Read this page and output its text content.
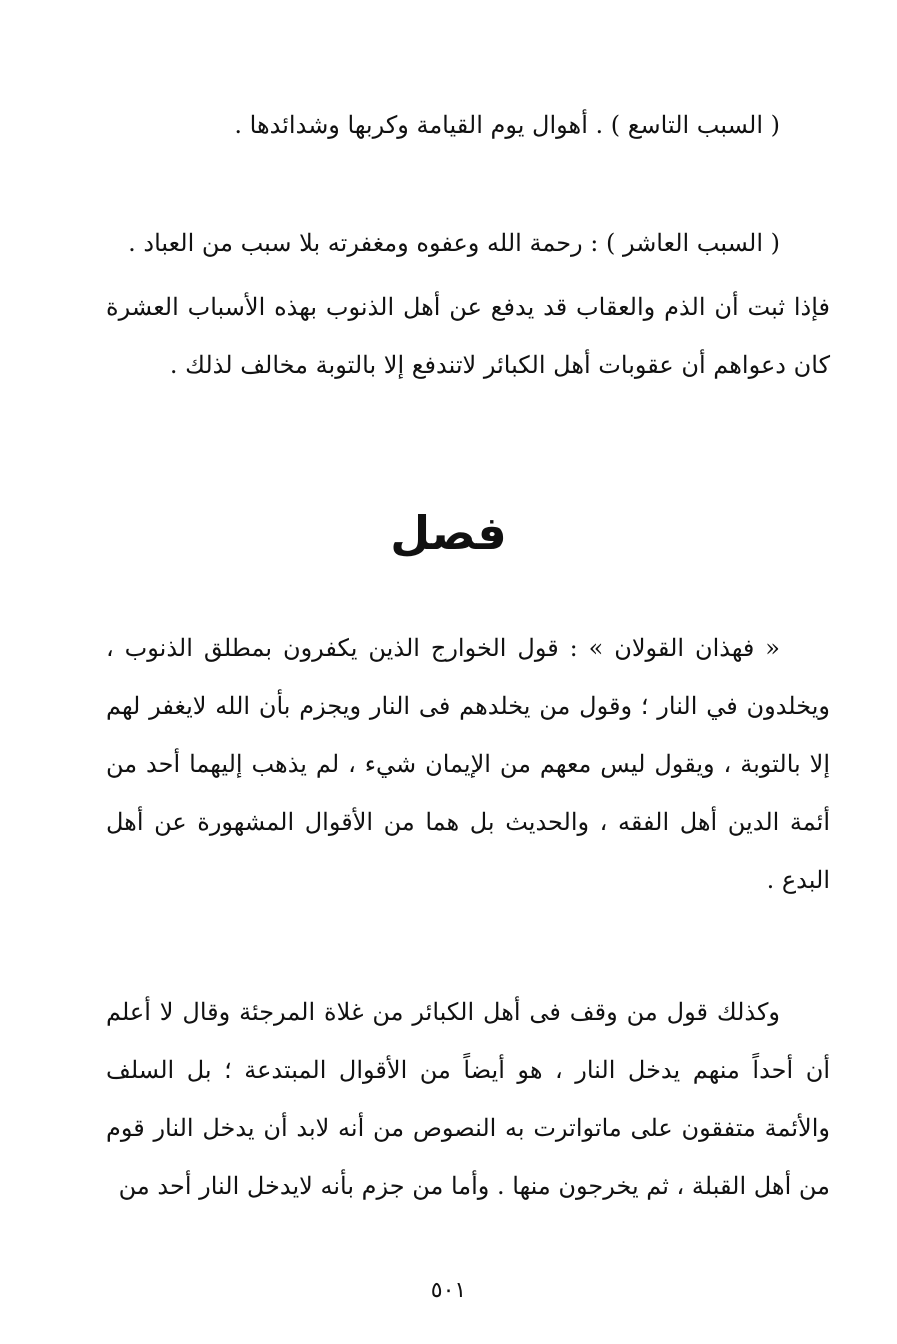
( السبب التاسع ) . أهوال يوم القيامة وكربها وشدائدها .

( السبب العاشر ) : رحمة الله وعفوه ومغفرته بلا سبب من العباد .

فإذا ثبت أن الذم والعقاب قد يدفع عن أهل الذنوب بهذه الأسباب العشرة كان دعواهم أن عقوبات أهل الكبائر لاتندفع إلا بالتوبة مخالف لذلك .

فصل

« فهذان القولان » : قول الخوارج الذين يكفرون بمطلق الذنوب ، ويخلدون في النار ؛ وقول من يخلدهم فى النار ويجزم بأن الله لايغفر لهم إلا بالتوبة ، ويقول ليس معهم من الإيمان شيء ، لم يذهب إليهما أحد من أئمة الدين أهل الفقه ، والحديث بل هما من الأقوال المشهورة عن أهل البدع .

وكذلك قول من وقف فى أهل الكبائر من غلاة المرجئة وقال لا أعلم أن أحداً منهم يدخل النار ، هو أيضاً من الأقوال المبتدعة ؛ بل السلف والأئمة متفقون على ماتواترت به النصوص من أنه لابد أن يدخل النار قوم من أهل القبلة ، ثم يخرجون منها . وأما من جزم بأنه لايدخل النار أحد من

٥٠١
